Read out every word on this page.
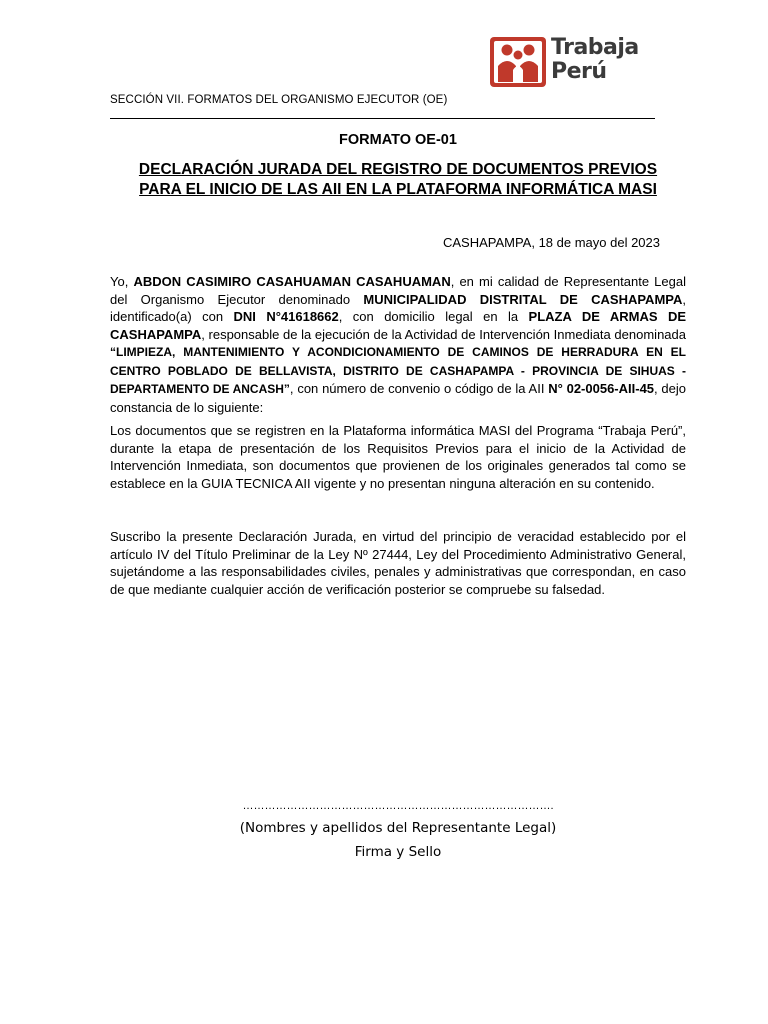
Trabaja
Perú
SECCIÓN VII. FORMATOS DEL ORGANISMO EJECUTOR (OE)
FORMATO OE-01
DECLARACIÓN JURADA DEL REGISTRO DE DOCUMENTOS PREVIOS
PARA EL INICIO DE LAS AII EN LA PLATAFORMA INFORMÁTICA MASI
CASHAPAMPA, 18 de mayo del 2023
Yo, ABDON CASIMIRO CASAHUAMAN CASAHUAMAN, en mi calidad de Representante Legal del Organismo Ejecutor denominado MUNICIPALIDAD DISTRITAL DE CASHAPAMPA, identificado(a) con DNI N°41618662, con domicilio legal en la PLAZA DE ARMAS DE CASHAPAMPA, responsable de la ejecución de la Actividad de Intervención Inmediata denominada “LIMPIEZA, MANTENIMIENTO Y ACONDICIONAMIENTO DE CAMINOS DE HERRADURA EN EL CENTRO POBLADO DE BELLAVISTA, DISTRITO DE CASHAPAMPA - PROVINCIA DE SIHUAS - DEPARTAMENTO DE ANCASH”, con número de convenio o código de la AII N° 02-0056-AII-45, dejo constancia de lo siguiente:
Los documentos que se registren en la Plataforma informática MASI del Programa “Trabaja Perú”, durante la etapa de presentación de los Requisitos Previos para el inicio de la Actividad de Intervención Inmediata, son documentos que provienen de los originales generados tal como se establece en la GUIA TECNICA AII vigente y no presentan ninguna alteración en su contenido.
Suscribo la presente Declaración Jurada, en virtud del principio de veracidad establecido por el artículo IV del Título Preliminar de la Ley Nº 27444, Ley del Procedimiento Administrativo General, sujetándome a las responsabilidades civiles, penales y administrativas que correspondan, en caso de que mediante cualquier acción de verificación posterior se compruebe su falsedad.
………………………………………………………………………….
(Nombres y apellidos del Representante Legal)
Firma y Sello
